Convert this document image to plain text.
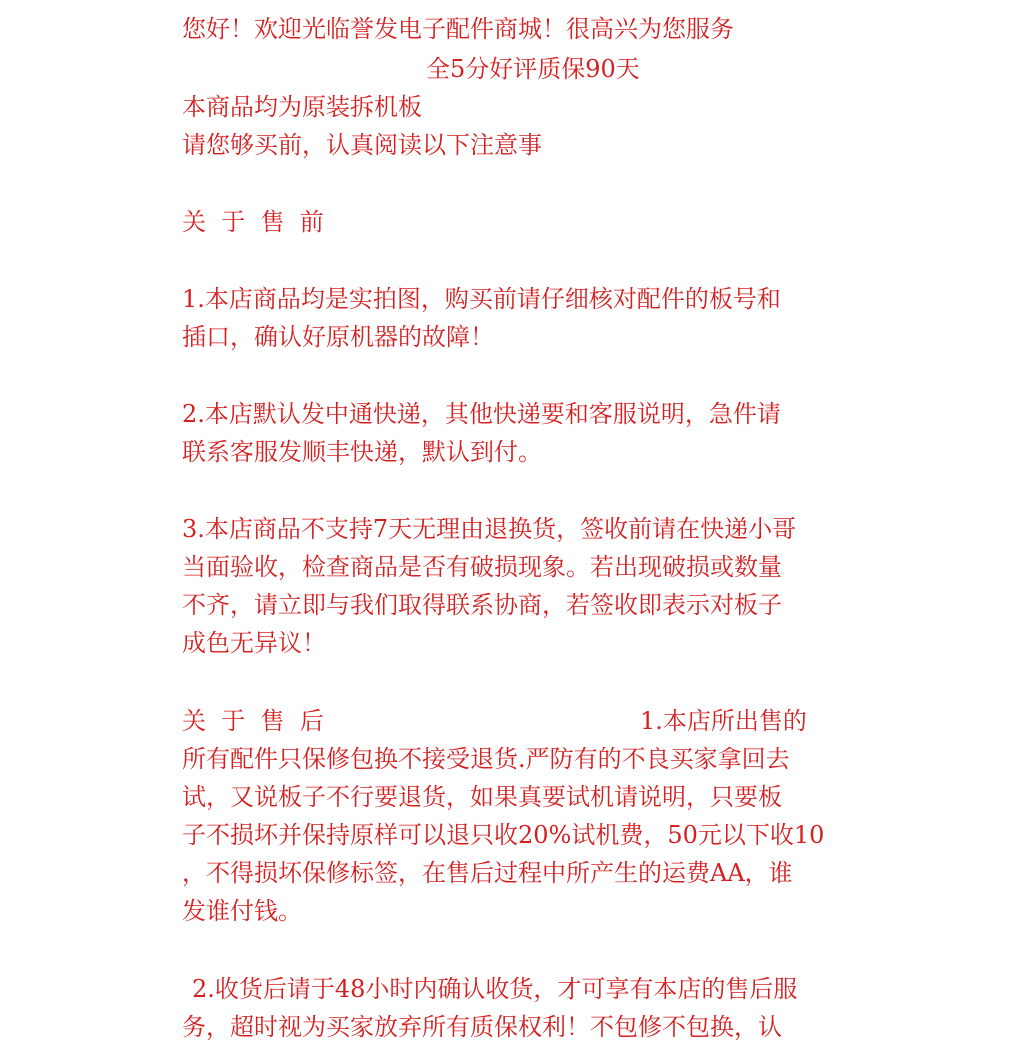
您好！欢迎光临誉发电子配件商城！很高兴为您服务
全5分好评质保90天
本商品均为原装拆机板
请您够买前，认真阅读以下注意事
关  于  售  前
1.本店商品均是实拍图，购买前请仔细核对配件的板号和
插口，确认好原机器的故障！
2.本店默认发中通快递，其他快递要和客服说明，急件请
联系客服发顺丰快递，默认到付。
3.本店商品不支持7天无理由退换货，签收前请在快递小哥
当面验收，检查商品是否有破损现象。若出现破损或数量
不齐，请立即与我们取得联系协商，若签收即表示对板子
成色无异议！
关  于  售  后	1.本店所出售的
所有配件只保修包换不接受退货.严防有的不良买家拿回去
试，又说板子不行要退货，如果真要试机请说明，只要板
子不损坏并保持原样可以退只收20%试机费，50元以下收10
，不得损坏保修标签，在售后过程中所产生的运费AA，谁
发谁付钱。
2.收货后请于48小时内确认收货，才可享有本店的售后服
务，超时视为买家放弃所有质保权利！不包修不包换，认
